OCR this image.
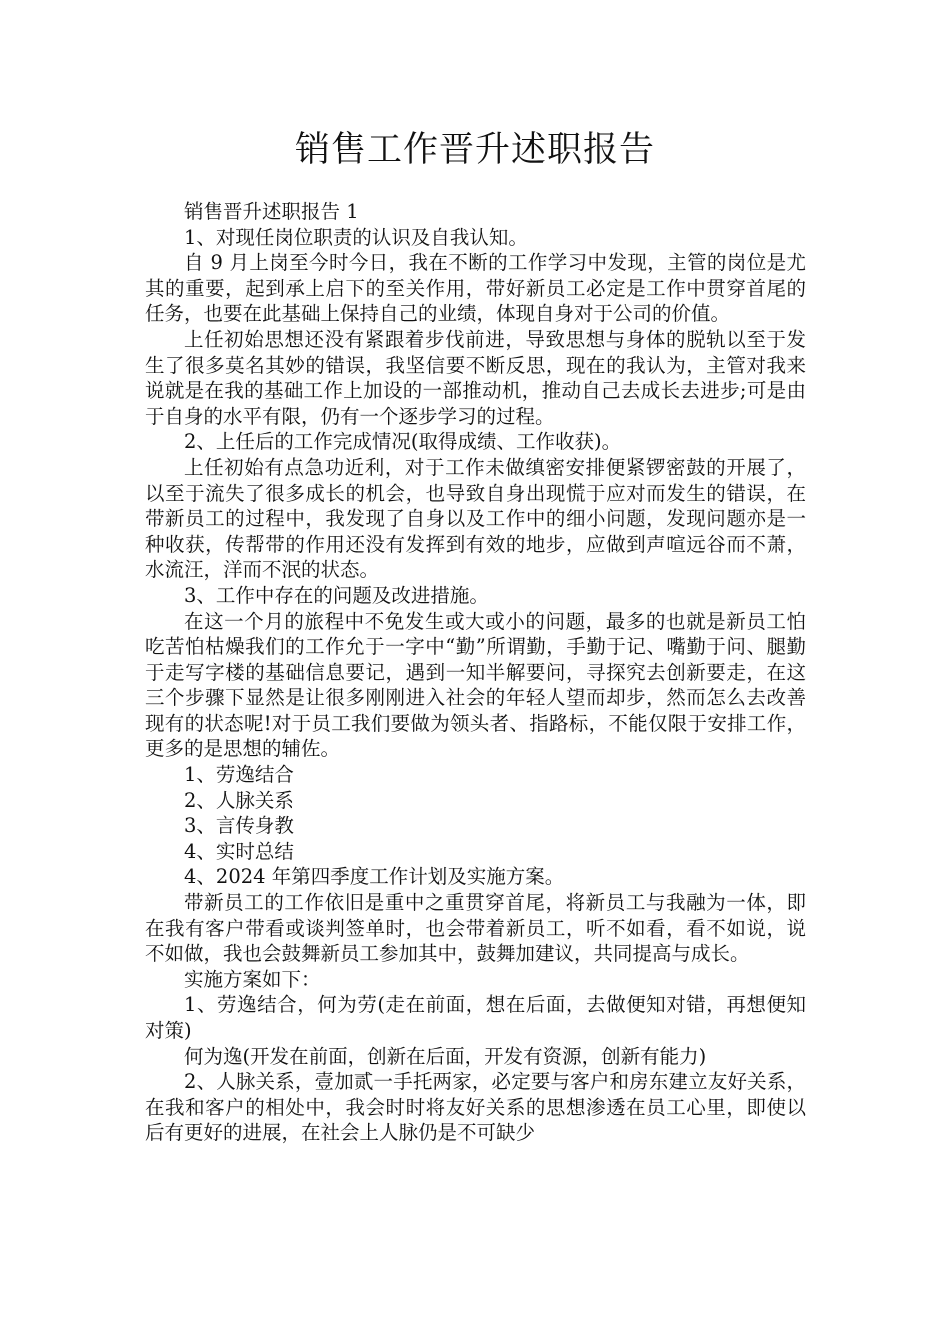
销售工作晋升述职报告

销售晋升述职报告 1

1、对现任岗位职责的认识及自我认知。

自 9 月上岗至今时今日，我在不断的工作学习中发现，主管的岗位是尤其的重要，起到承上启下的至关作用，带好新员工必定是工作中贯穿首尾的任务，也要在此基础上保持自己的业绩，体现自身对于公司的价值。

上任初始思想还没有紧跟着步伐前进，导致思想与身体的脱轨以至于发生了很多莫名其妙的错误，我坚信要不断反思，现在的我认为，主管对我来说就是在我的基础工作上加设的一部推动机，推动自己去成长去进步;可是由于自身的水平有限，仍有一个逐步学习的过程。

2、上任后的工作完成情况(取得成绩、工作收获)。

上任初始有点急功近利，对于工作未做缜密安排便紧锣密鼓的开展了，以至于流失了很多成长的机会，也导致自身出现慌于应对而发生的错误，在带新员工的过程中，我发现了自身以及工作中的细小问题，发现问题亦是一种收获，传帮带的作用还没有发挥到有效的地步，应做到声喧远谷而不萧，水流汪，洋而不泯的状态。

3、工作中存在的问题及改进措施。

在这一个月的旅程中不免发生或大或小的问题，最多的也就是新员工怕吃苦怕枯燥我们的工作允于一字中“勤”所谓勤，手勤于记、嘴勤于问、腿勤于走写字楼的基础信息要记，遇到一知半解要问，寻探究去创新要走，在这三个步骤下显然是让很多刚刚进入社会的年轻人望而却步，然而怎么去改善现有的状态呢!对于员工我们要做为领头者、指路标，不能仅限于安排工作，更多的是思想的辅佐。

1、劳逸结合

2、人脉关系

3、言传身教

4、实时总结

4、2024 年第四季度工作计划及实施方案。

带新员工的工作依旧是重中之重贯穿首尾，将新员工与我融为一体，即在我有客户带看或谈判签单时，也会带着新员工，听不如看，看不如说，说不如做，我也会鼓舞新员工参加其中，鼓舞加建议，共同提高与成长。

实施方案如下：

1、劳逸结合，何为劳(走在前面，想在后面，去做便知对错，再想便知对策)

何为逸(开发在前面，创新在后面，开发有资源，创新有能力)

2、人脉关系，壹加贰一手托两家，必定要与客户和房东建立友好关系，在我和客户的相处中，我会时时将友好关系的思想渗透在员工心里，即使以后有更好的进展，在社会上人脉仍是不可缺少
